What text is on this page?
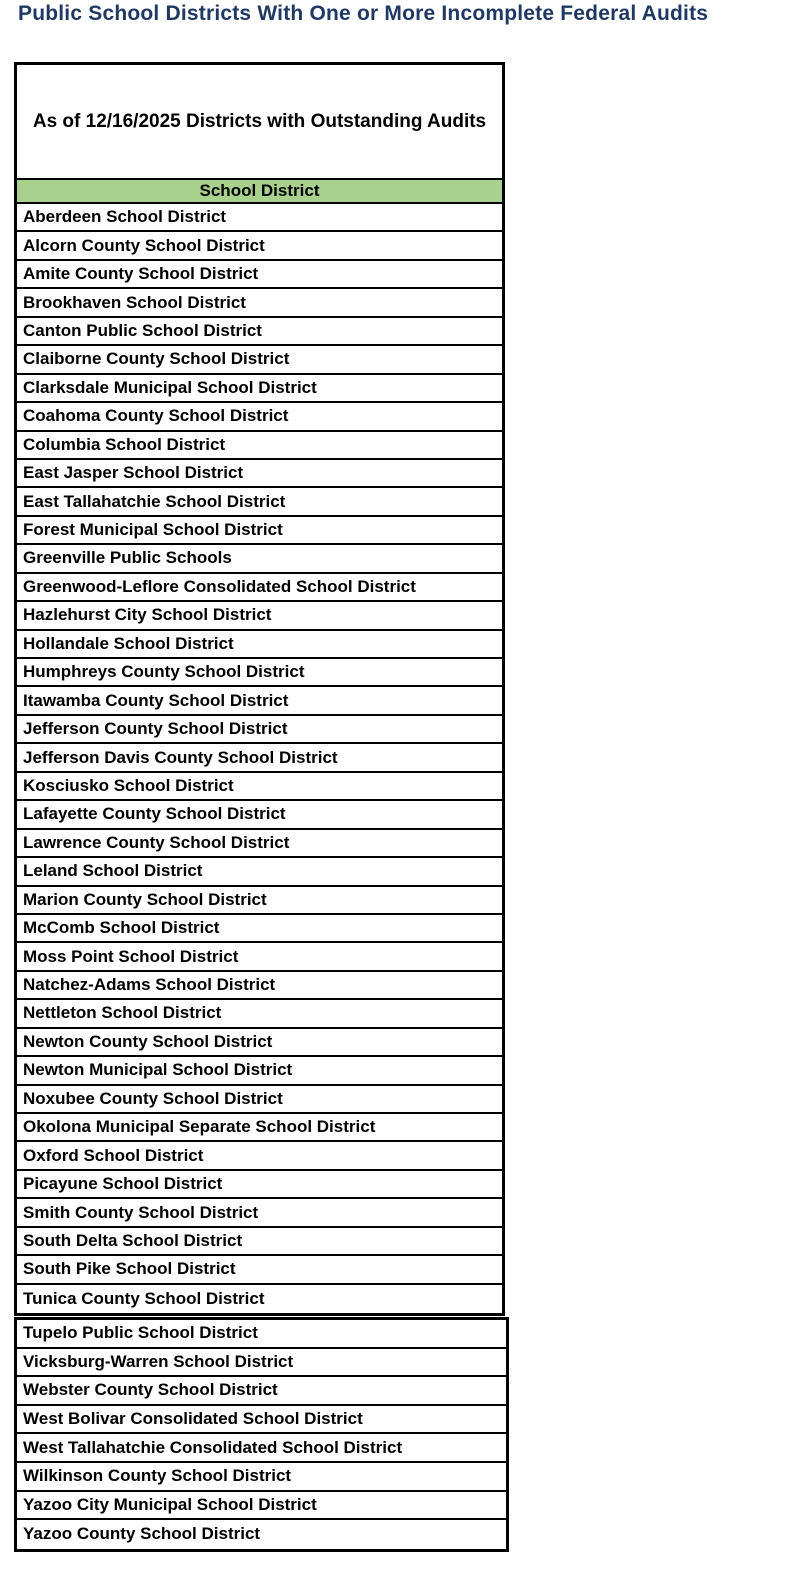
Public School Districts With One or More Incomplete Federal Audits
As of 12/16/2025 Districts with Outstanding Audits
School District
Aberdeen School District
Alcorn County School District
Amite County School District
Brookhaven School District
Canton Public School District
Claiborne County School District
Clarksdale Municipal School District
Coahoma County School District
Columbia School District
East Jasper School District
East Tallahatchie School District
Forest Municipal School District
Greenville Public Schools
Greenwood-Leflore Consolidated School District
Hazlehurst City School District
Hollandale School District
Humphreys County School District
Itawamba County School District
Jefferson County School District
Jefferson Davis County School District
Kosciusko School District
Lafayette County School District
Lawrence County School District
Leland School District
Marion County School District
McComb School District
Moss Point School District
Natchez-Adams School District
Nettleton School District
Newton County School District
Newton Municipal School District
Noxubee County School District
Okolona Municipal Separate School District
Oxford School District
Picayune School District
Smith County School District
South Delta School District
South Pike School District
Tunica County School District
Tupelo Public School District
Vicksburg-Warren School District
Webster County School District
West Bolivar Consolidated School District
West Tallahatchie Consolidated School District
Wilkinson County School District
Yazoo City Municipal School District
Yazoo County School District
